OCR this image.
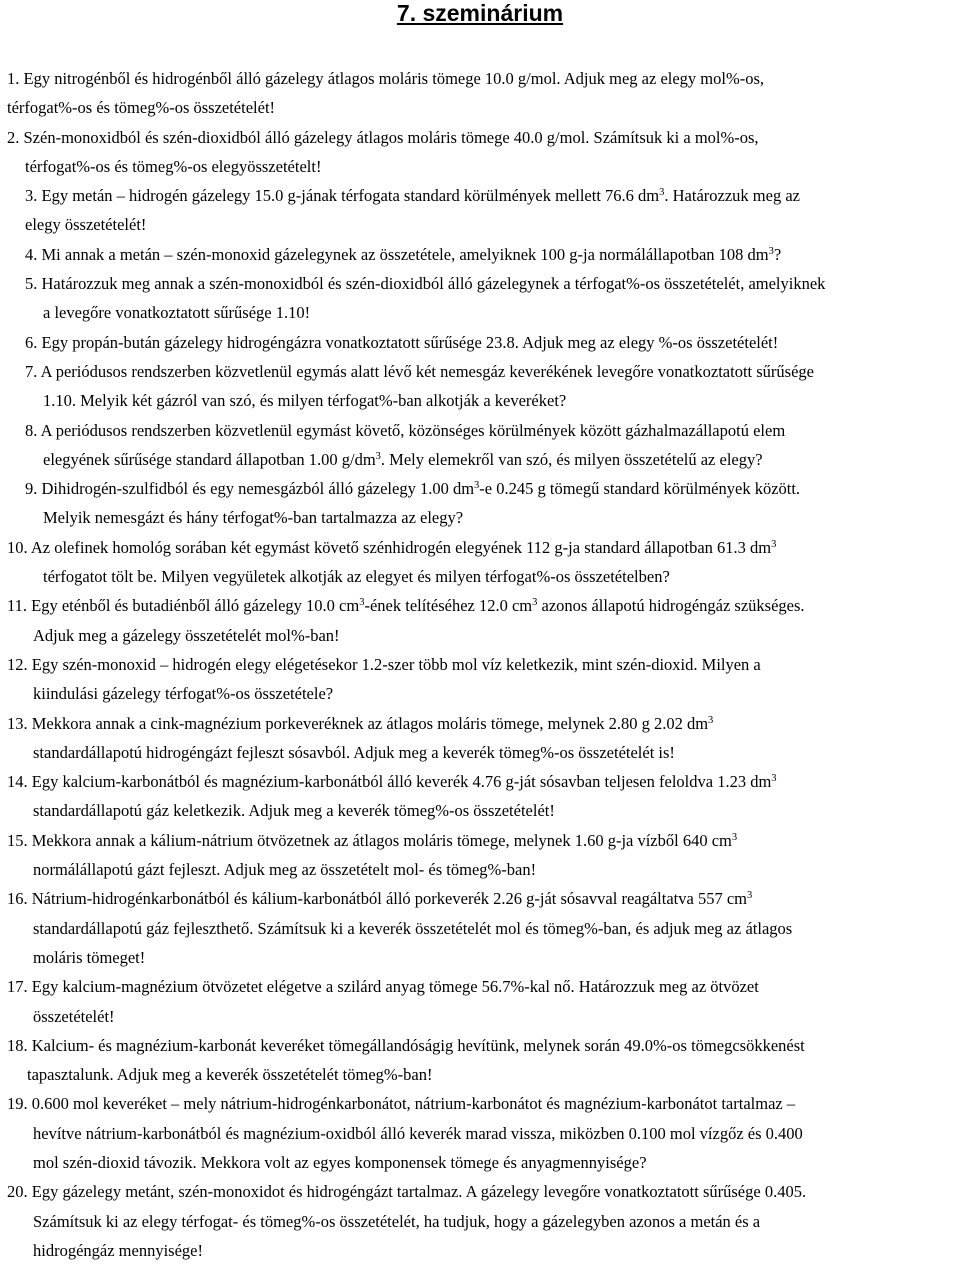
7. szeminárium
1. Egy nitrogénből és hidrogénből álló gázelegy átlagos moláris tömege 10.0 g/mol. Adjuk meg az elegy mol%-os,
térfogat%-os és tömeg%-os összetételét!
2. Szén-monoxidból és szén-dioxidból álló gázelegy átlagos moláris tömege 40.0 g/mol. Számítsuk ki a mol%-os,
térfogat%-os és tömeg%-os elegyösszetételt!
3. Egy metán – hidrogén gázelegy 15.0 g-jának térfogata standard körülmények mellett 76.6 $dm^3$. Határozzuk meg az
elegy összetételét!
4. Mi annak a metán – szén-monoxid gázelegynek az összetétele, amelyiknek 100 g-ja normálállapotban 108 $dm^3$?
5. Határozzuk meg annak a szén-monoxidból és szén-dioxidból álló gázelegynek a térfogat%-os összetételét, amelyiknek
a levegőre vonatkoztatott sűrűsége 1.10!
6. Egy propán-bután gázelegy hidrogéngázra vonatkoztatott sűrűsége 23.8. Adjuk meg az elegy %-os összetételét!
7. A periódusos rendszerben közvetlenül egymás alatt lévő két nemesgáz keverékének levegőre vonatkoztatott sűrűsége
1.10. Melyik két gázról van szó, és milyen térfogat%-ban alkotják a keveréket?
8. A periódusos rendszerben közvetlenül egymást követő, közönséges körülmények között gázhalmazállapotú elem
elegyének sűrűsége standard állapotban 1.00 $g/dm^3$. Mely elemekről van szó, és milyen összetételű az elegy?
9. Dihidrogén-szulfidból és egy nemesgázból álló gázelegy 1.00 $dm^3-e$ 0.245 g tömegű standard körülmények között.
Melyik nemesgázt és hány térfogat%-ban tartalmazza az elegy?
10. Az olefinek homológ sorában két egymást követő szénhidrogén elegyének 112 g-ja standard állapotban 61.3 $dm^3$
térfogatot tölt be. Milyen vegyületek alkotják az elegyet és milyen térfogat%-os összetételben?
11. Egy eténből és butadiénből álló gázelegy 10.0 $cm^3$-ének telítéséhez 12.0 $cm^3$ azonos állapotú hidrogéngáz szükséges.
Adjuk meg a gázelegy összetételét mol%-ban!
12. Egy szén-monoxid – hidrogén elegy elégetésekor 1.2-szer több mol víz keletkezik, mint szén-dioxid. Milyen a
kiindulási gázelegy térfogat%-os összetétele?
13. Mekkora annak a cink-magnézium porkeveréknek az átlagos moláris tömege, melynek 2.80 g 2.02 $dm^3$
standardállapotú hidrogéngázt fejleszt sósavból. Adjuk meg a keverék tömeg%-os összetételét is!
14. Egy kalcium-karbonátból és magnézium-karbonátból álló keverék 4.76 g-ját sósavban teljesen feloldva 1.23 $dm^3$
standardállapotú gáz keletkezik. Adjuk meg a keverék tömeg%-os összetételét!
15. Mekkora annak a kálium-nátrium ötvözetnek az átlagos moláris tömege, melynek 1.60 g-ja vízből 640 $cm^3$
normálállapotú gázt fejleszt. Adjuk meg az összetételt mol- és tömeg%-ban!
16. Nátrium-hidrogénkarbonátból és kálium-karbonátból álló porkeverék 2.26 g-ját sósavval reagáltatva 557 $cm^3$
standardállapotú gáz fejleszthető. Számítsuk ki a keverék összetételét mol és tömeg%-ban, és adjuk meg az átlagos
moláris tömeget!
17. Egy kalcium-magnézium ötvözetet elégetve a szilárd anyag tömege 56.7%-kal nő. Határozzuk meg az ötvözet
összetételét!
18. Kalcium- és magnézium-karbonát keveréket tömegállandóságig hevítünk, melynek során 49.0%-os tömegcsökkenést
tapasztalunk. Adjuk meg a keverék összetételét tömeg%-ban!
19. 0.600 mol keveréket – mely nátrium-hidrogénkarbonátot, nátrium-karbonátot és magnézium-karbonátot tartalmaz –
hevítve nátrium-karbonátból és magnézium-oxidból álló keverék marad vissza, miközben 0.100 mol vízgőz és 0.400
mol szén-dioxid távozik. Mekkora volt az egyes komponensek tömege és anyagmennyisége?
20. Egy gázelegy metánt, szén-monoxidot és hidrogéngázt tartalmaz. A gázelegy levegőre vonatkoztatott sűrűsége 0.405.
Számítsuk ki az elegy térfogat- és tömeg%-os összetételét, ha tudjuk, hogy a gázelegyben azonos a metán és a
hidrogéngáz mennyisége!
